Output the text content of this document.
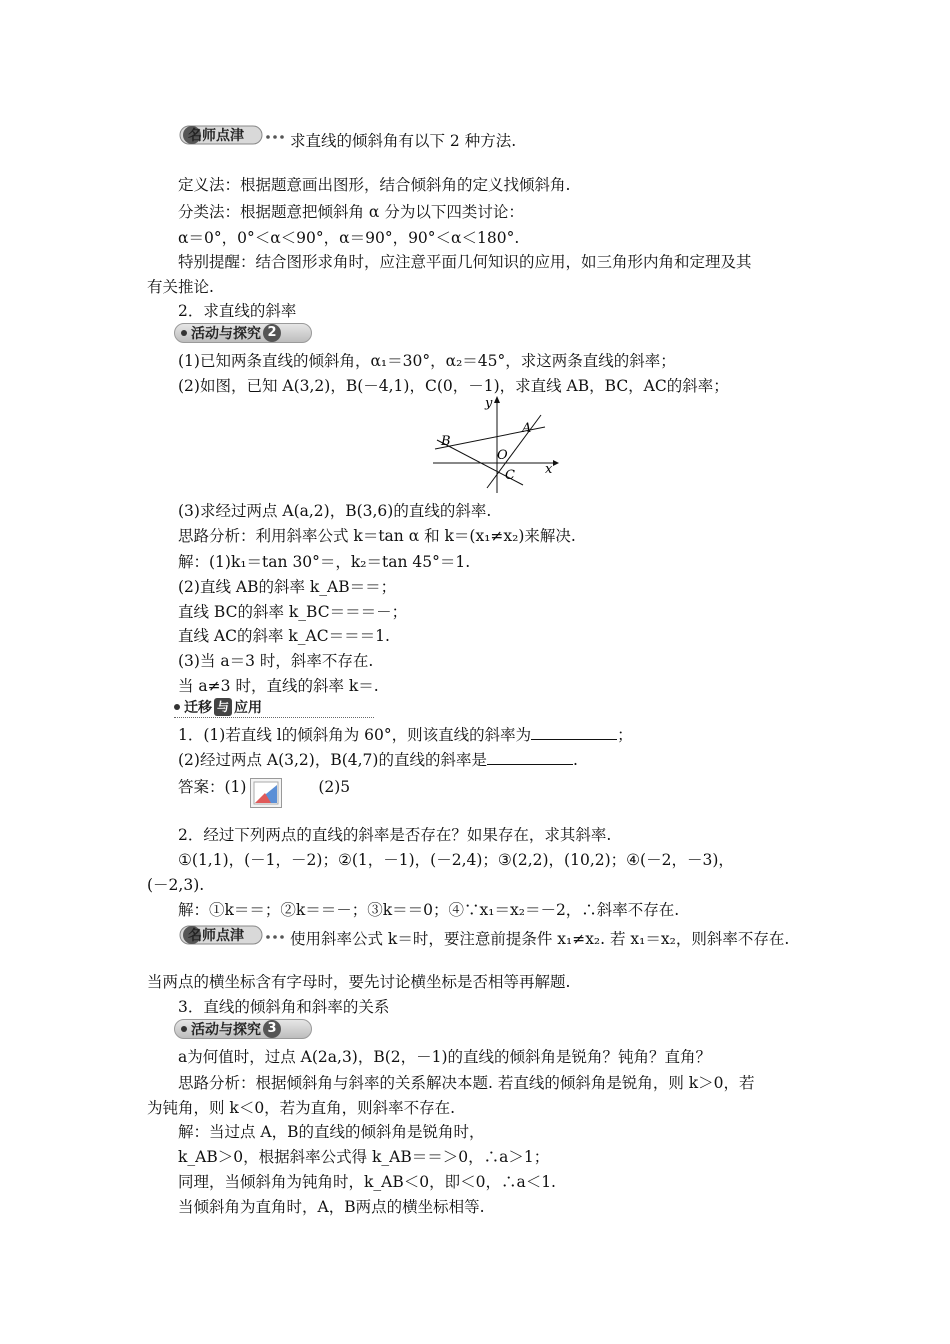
名师点津	求直线的倾斜角有以下 2 种方法.
定义法：根据题意画出图形，结合倾斜角的定义找倾斜角.
分类法：根据题意把倾斜角 α 分为以下四类讨论：
α＝0°，0°＜α＜90°，α＝90°，90°＜α＜180°.
特别提醒：结合图形求角时，应注意平面几何知识的应用，如三角形内角和定理及其
有关推论.
2．求直线的斜率
活动与探究 2
(1)已知两条直线的倾斜角，α₁＝30°，α₂＝45°，求这两条直线的斜率；
(2)如图，已知 A(3,2)，B(－4,1)，C(0，－1)，求直线 AB，BC，AC的斜率；
y
x
B
A
O
C
(3)求经过两点 A(a,2)，B(3,6)的直线的斜率.
思路分析：利用斜率公式 k＝tan α 和 k＝(x₁≠x₂)来解决.
解：(1)k₁＝tan 30°＝，k₂＝tan 45°＝1.
(2)直线 AB的斜率 k_AB＝＝；
直线 BC的斜率 k_BC＝＝＝－；
直线 AC的斜率 k_AC＝＝＝1.
(3)当 a＝3 时，斜率不存在.
当 a≠3 时，直线的斜率 k＝.
迁移 与 应用
1．(1)若直线 l的倾斜角为 60°，则该直线的斜率为	；
(2)经过两点 A(3,2)，B(4,7)的直线的斜率是	.
答案：(1)	(2)5
2．经过下列两点的直线的斜率是否存在？如果存在，求其斜率.
①(1,1)，(－1，－2)；②(1，－1)，(－2,4)；③(2,2)，(10,2)；④(－2，－3)，
(－2,3).
解：①k＝＝；②k＝＝－；③k＝＝0；④∵x₁＝x₂＝－2，∴斜率不存在.
名师点津	使用斜率公式 k＝时，要注意前提条件 x₁≠x₂. 若 x₁＝x₂，则斜率不存在.
当两点的横坐标含有字母时，要先讨论横坐标是否相等再解题.
3．直线的倾斜角和斜率的关系
活动与探究 3
a为何值时，过点 A(2a,3)，B(2，－1)的直线的倾斜角是锐角？钝角？直角？
思路分析：根据倾斜角与斜率的关系解决本题. 若直线的倾斜角是锐角，则 k＞0，若
为钝角，则 k＜0，若为直角，则斜率不存在.
解：当过点 A，B的直线的倾斜角是锐角时，
k_AB＞0，根据斜率公式得 k_AB＝＝＞0，∴a＞1；
同理，当倾斜角为钝角时，k_AB＜0，即＜0，∴a＜1.
当倾斜角为直角时，A，B两点的横坐标相等.
